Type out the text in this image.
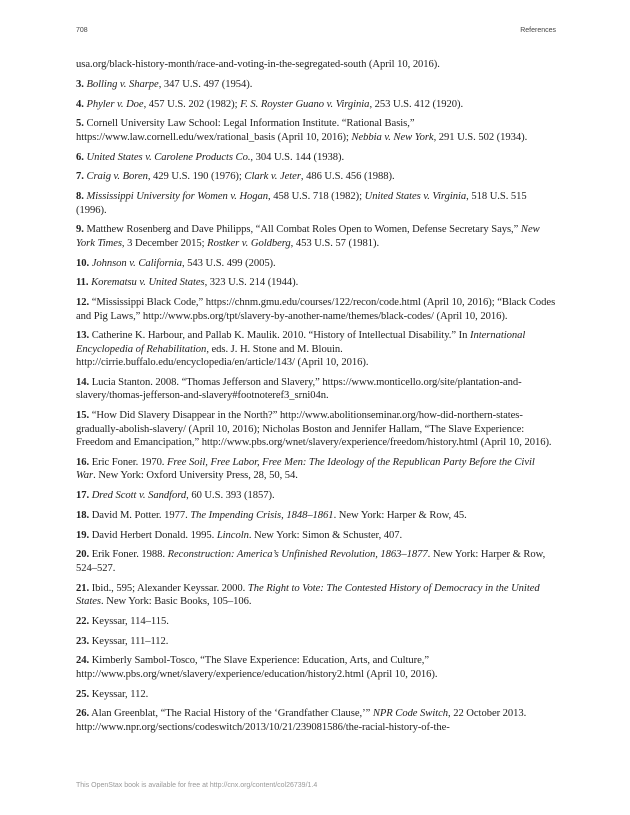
708	References
usa.org/black-history-month/race-and-voting-in-the-segregated-south (April 10, 2016).
3. Bolling v. Sharpe, 347 U.S. 497 (1954).
4. Phyler v. Doe, 457 U.S. 202 (1982); F. S. Royster Guano v. Virginia, 253 U.S. 412 (1920).
5. Cornell University Law School: Legal Information Institute. “Rational Basis,” https://www.law.cornell.edu/wex/rational_basis (April 10, 2016); Nebbia v. New York, 291 U.S. 502 (1934).
6. United States v. Carolene Products Co., 304 U.S. 144 (1938).
7. Craig v. Boren, 429 U.S. 190 (1976); Clark v. Jeter, 486 U.S. 456 (1988).
8. Mississippi University for Women v. Hogan, 458 U.S. 718 (1982); United States v. Virginia, 518 U.S. 515 (1996).
9. Matthew Rosenberg and Dave Philipps, “All Combat Roles Open to Women, Defense Secretary Says,” New York Times, 3 December 2015; Rostker v. Goldberg, 453 U.S. 57 (1981).
10. Johnson v. California, 543 U.S. 499 (2005).
11. Korematsu v. United States, 323 U.S. 214 (1944).
12. “Mississippi Black Code,” https://chnm.gmu.edu/courses/122/recon/code.html (April 10, 2016); “Black Codes and Pig Laws,” http://www.pbs.org/tpt/slavery-by-another-name/themes/black-codes/ (April 10, 2016).
13. Catherine K. Harbour, and Pallab K. Maulik. 2010. “History of Intellectual Disability.” In International Encyclopedia of Rehabilitation, eds. J. H. Stone and M. Blouin. http://cirrie.buffalo.edu/encyclopedia/en/article/143/ (April 10, 2016).
14. Lucia Stanton. 2008. “Thomas Jefferson and Slavery,” https://www.monticello.org/site/plantation-and-slavery/thomas-jefferson-and-slavery#footnoteref3_srni04n.
15. “How Did Slavery Disappear in the North?” http://www.abolitionseminar.org/how-did-northern-states-gradually-abolish-slavery/ (April 10, 2016); Nicholas Boston and Jennifer Hallam, “The Slave Experience: Freedom and Emancipation,” http://www.pbs.org/wnet/slavery/experience/freedom/history.html (April 10, 2016).
16. Eric Foner. 1970. Free Soil, Free Labor, Free Men: The Ideology of the Republican Party Before the Civil War. New York: Oxford University Press, 28, 50, 54.
17. Dred Scott v. Sandford, 60 U.S. 393 (1857).
18. David M. Potter. 1977. The Impending Crisis, 1848–1861. New York: Harper & Row, 45.
19. David Herbert Donald. 1995. Lincoln. New York: Simon & Schuster, 407.
20. Erik Foner. 1988. Reconstruction: America’s Unfinished Revolution, 1863–1877. New York: Harper & Row, 524–527.
21. Ibid., 595; Alexander Keyssar. 2000. The Right to Vote: The Contested History of Democracy in the United States. New York: Basic Books, 105–106.
22. Keyssar, 114–115.
23. Keyssar, 111–112.
24. Kimberly Sambol-Tosco, “The Slave Experience: Education, Arts, and Culture,” http://www.pbs.org/wnet/slavery/experience/education/history2.html (April 10, 2016).
25. Keyssar, 112.
26. Alan Greenblat, “The Racial History of the ‘Grandfather Clause,’” NPR Code Switch, 22 October 2013. http://www.npr.org/sections/codeswitch/2013/10/21/239081586/the-racial-history-of-the-
This OpenStax book is available for free at http://cnx.org/content/col26739/1.4
